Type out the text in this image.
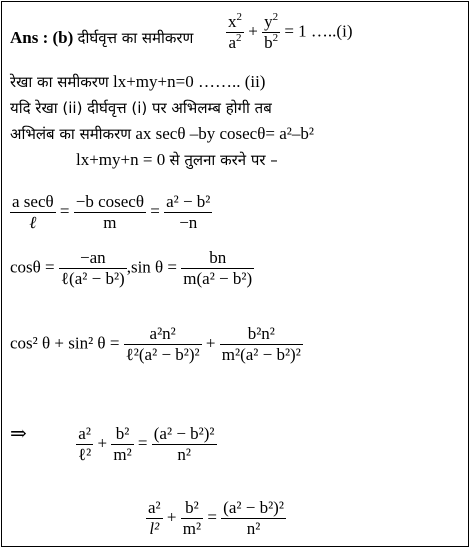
Ans : (b) दीर्घवृत्त का समीकरण $\frac{x^2}{a^2} + \frac{y^2}{b^2} = 1$ …..(i)
रेखा का समीकरण lx+my+n=0 …….. (ii)
यदि रेखा (ii) दीर्घवृत्त (i) पर अभिलम्ब होगी तब
अभिलंब का समीकरण ax secθ –by cosecθ= a²–b²
lx+my+n = 0 से तुलना करने पर –
$\frac{\text{a secθ}}{\text{ℓ}} = \frac{\text{−b cosecθ}}{m} = \frac{\text{a² − b²}}{-n}$
$\cos\theta = \frac{-an}{\text{ℓ(a² − b²)}} ,\sin$ $\theta = \frac{bn}{\text{m(a² − b²)}}$
cos² θ + sin² $\theta = \frac{\text{a²n²}}{\text{ℓ²(a² − b²)²}} + \frac{\text{b²n²}}{\text{m²(a² − b²)²}}$
⇒	$\frac{\text{a²}}{\text{ℓ²}} + \frac{\text{b²}}{\text{m²}} = \frac{\text{(a² − b²)²}}{\text{n²}}$
$\frac{\text{a²}}{\text{l²}} + \frac{\text{b²}}{\text{m²}} = \frac{\text{(a² − b²)²}}{\text{n²}}$
